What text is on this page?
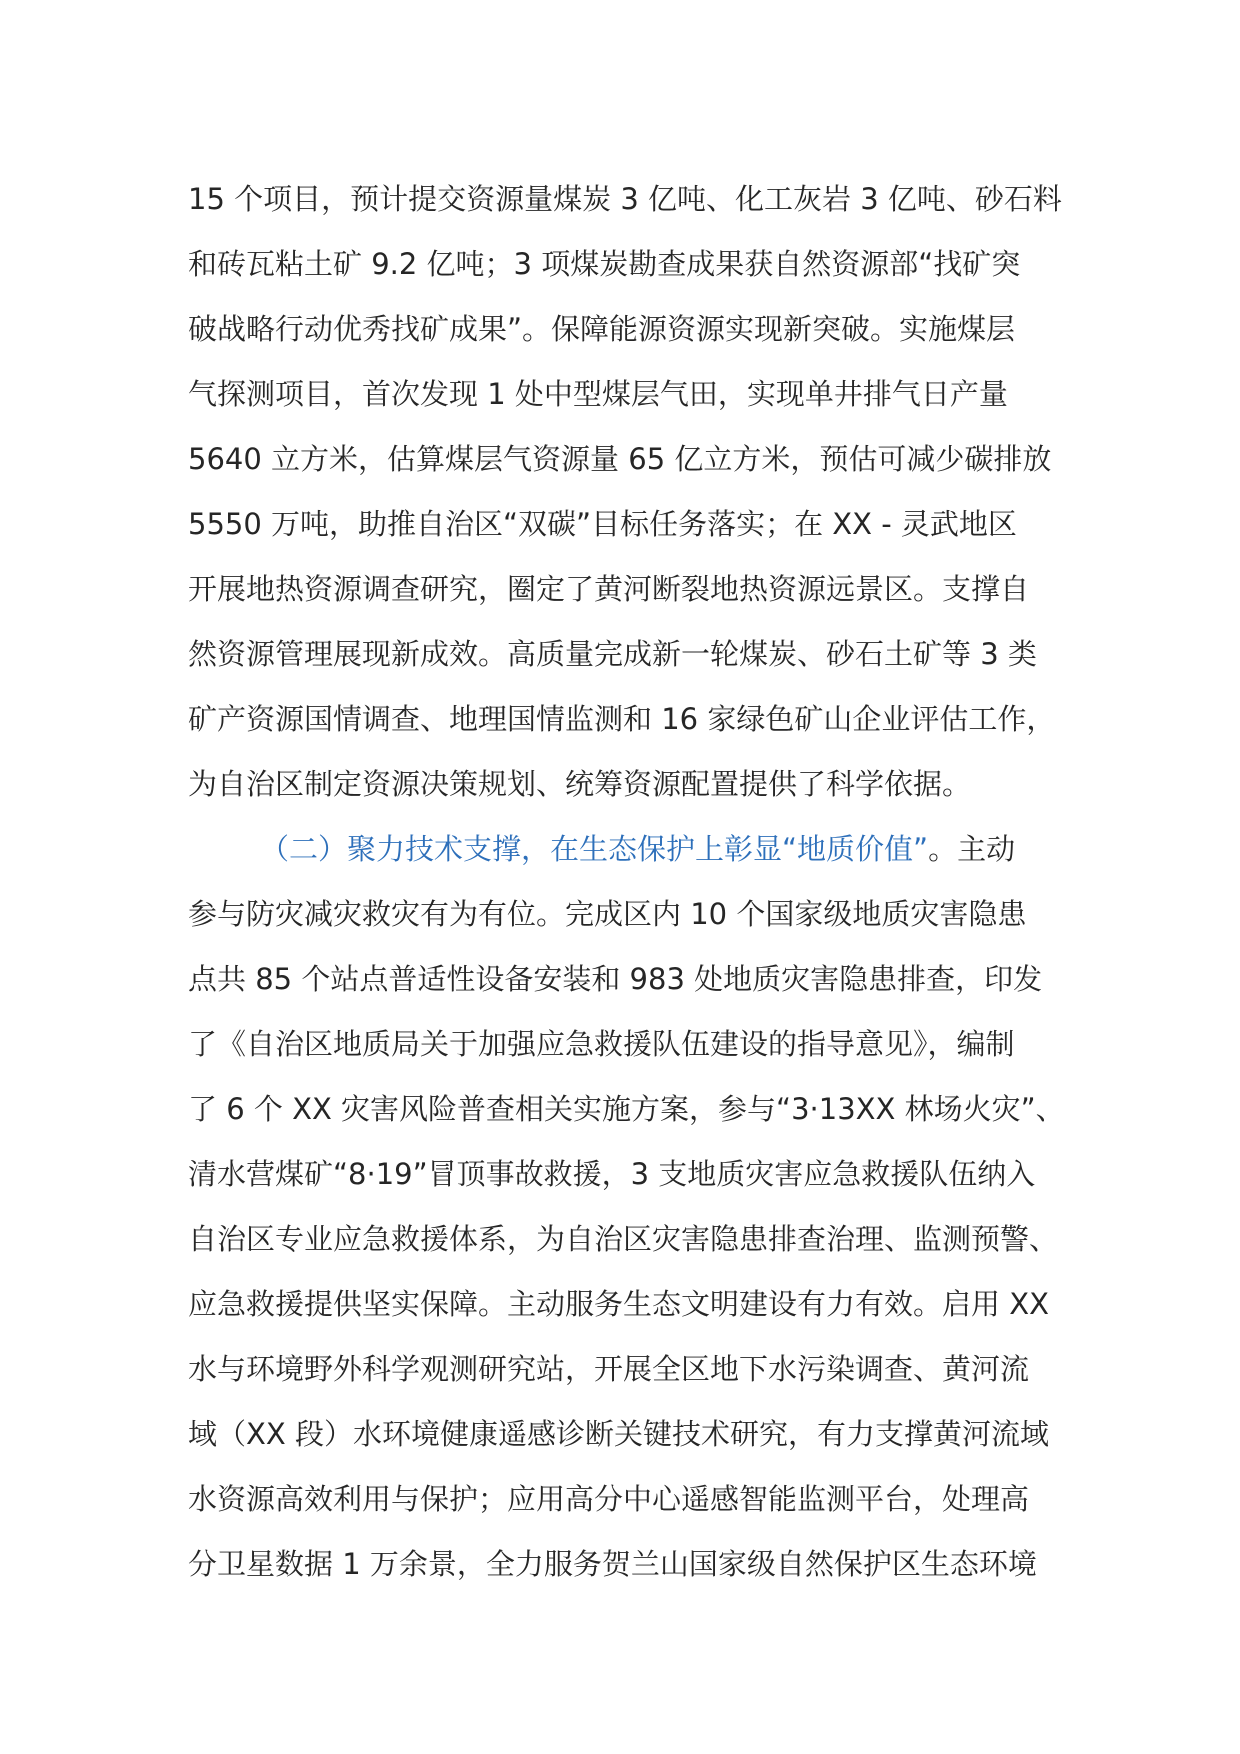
15 个项目，预计提交资源量煤炭 3 亿吨、化工灰岩 3 亿吨、砂石料
和砖瓦粘土矿 9.2 亿吨；3 项煤炭勘查成果获自然资源部“找矿突
破战略行动优秀找矿成果”。保障能源资源实现新突破。实施煤层
气探测项目，首次发现 1 处中型煤层气田，实现单井排气日产量
5640 立方米，估算煤层气资源量 65 亿立方米，预估可减少碳排放
5550 万吨，助推自治区“双碳”目标任务落实；在 XX - 灵武地区
开展地热资源调查研究，圈定了黄河断裂地热资源远景区。支撑自
然资源管理展现新成效。高质量完成新一轮煤炭、砂石土矿等 3 类
矿产资源国情调查、地理国情监测和 16 家绿色矿山企业评估工作，
为自治区制定资源决策规划、统筹资源配置提供了科学依据。
（二）聚力技术支撑，在生态保护上彰显“地质价值”。主动
参与防灾减灾救灾有为有位。完成区内 10 个国家级地质灾害隐患
点共 85 个站点普适性设备安装和 983 处地质灾害隐患排查，印发
了《自治区地质局关于加强应急救援队伍建设的指导意见》，编制
了 6 个 XX 灾害风险普查相关实施方案，参与“3·13XX 林场火灾”、
清水营煤矿“8·19”冒顶事故救援，3 支地质灾害应急救援队伍纳入
自治区专业应急救援体系，为自治区灾害隐患排查治理、监测预警、
应急救援提供坚实保障。主动服务生态文明建设有力有效。启用 XX
水与环境野外科学观测研究站，开展全区地下水污染调查、黄河流
域（XX 段）水环境健康遥感诊断关键技术研究，有力支撑黄河流域
水资源高效利用与保护；应用高分中心遥感智能监测平台，处理高
分卫星数据 1 万余景，全力服务贺兰山国家级自然保护区生态环境
